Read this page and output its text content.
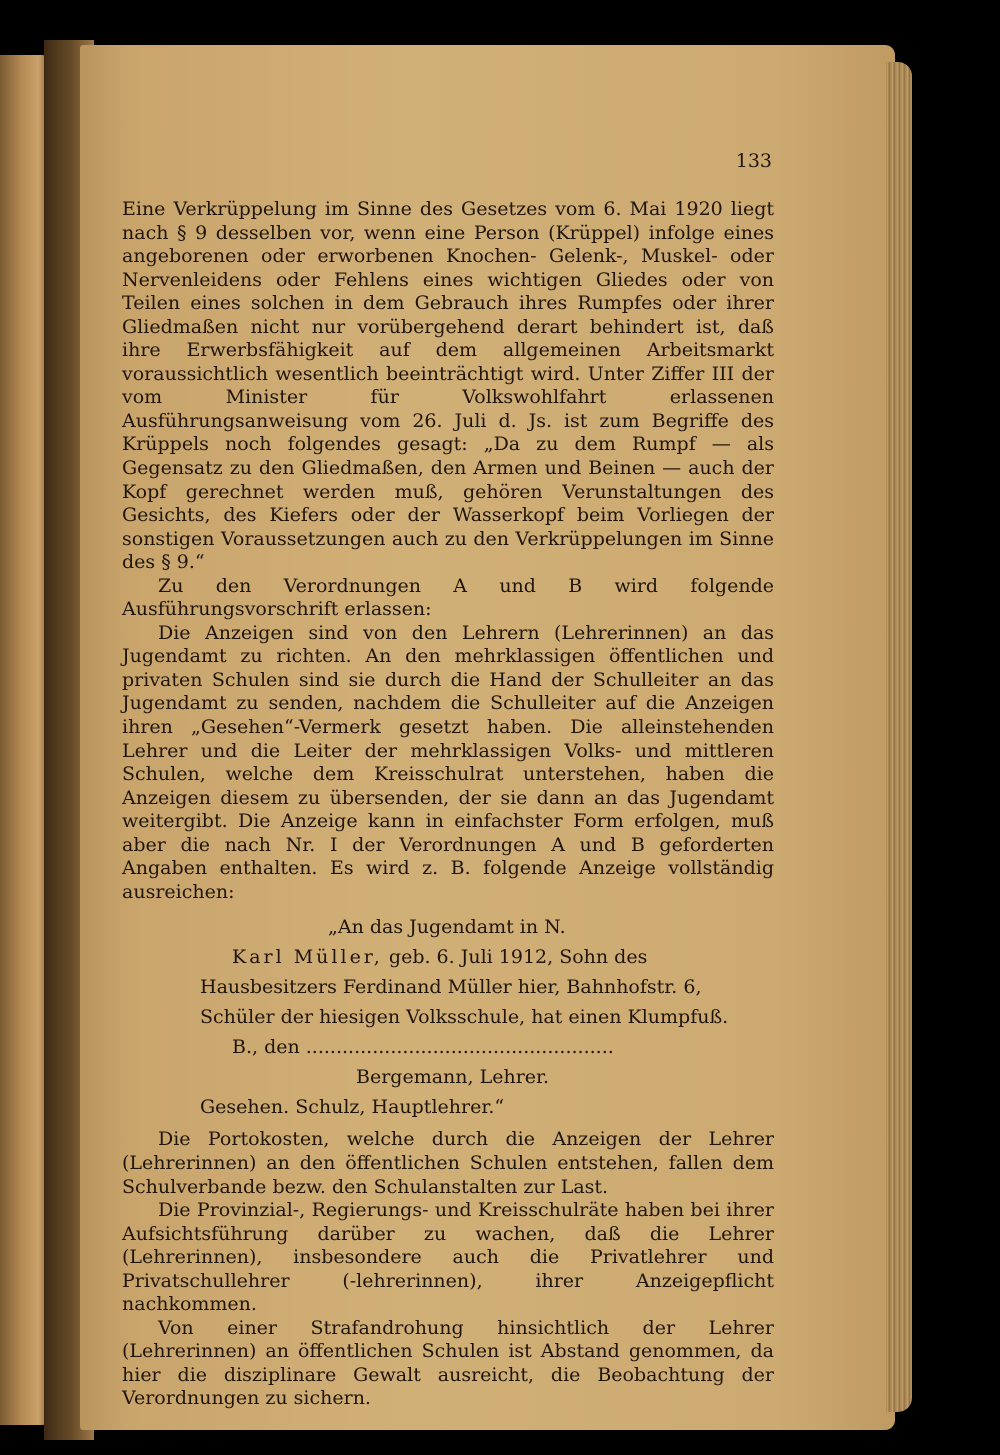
133

Eine Verkrüppelung im Sinne des Gesetzes vom 6. Mai 1920 liegt nach § 9 desselben vor, wenn eine Person (Krüppel) infolge eines angeborenen oder erworbenen Knochen- Gelenk-, Muskel- oder Nervenleidens oder Fehlens eines wichtigen Gliedes oder von Teilen eines solchen in dem Gebrauch ihres Rumpfes oder ihrer Gliedmaßen nicht nur vorübergehend derart behindert ist, daß ihre Erwerbsfähigkeit auf dem allgemeinen Arbeitsmarkt voraussichtlich wesentlich beeinträchtigt wird. Unter Ziffer III der vom Minister für Volkswohlfahrt erlassenen Ausführungsanweisung vom 26. Juli d. Js. ist zum Begriffe des Krüppels noch folgendes gesagt: „Da zu dem Rumpf — als Gegensatz zu den Gliedmaßen, den Armen und Beinen — auch der Kopf gerechnet werden muß, gehören Verunstaltungen des Gesichts, des Kiefers oder der Wasserkopf beim Vorliegen der sonstigen Voraussetzungen auch zu den Verkrüppelungen im Sinne des § 9.“

Zu den Verordnungen A und B wird folgende Ausführungsvorschrift erlassen:

Die Anzeigen sind von den Lehrern (Lehrerinnen) an das Jugendamt zu richten. An den mehrklassigen öffentlichen und privaten Schulen sind sie durch die Hand der Schulleiter an das Jugendamt zu senden, nachdem die Schulleiter auf die Anzeigen ihren „Gesehen“-Vermerk gesetzt haben. Die alleinstehenden Lehrer und die Leiter der mehrklassigen Volks- und mittleren Schulen, welche dem Kreisschulrat unterstehen, haben die Anzeigen diesem zu übersenden, der sie dann an das Jugendamt weitergibt. Die Anzeige kann in einfachster Form erfolgen, muß aber die nach Nr. I der Verordnungen A und B geforderten Angaben enthalten. Es wird z. B. folgende Anzeige vollständig ausreichen:

„An das Jugendamt in N.
Karl Müller, geb. 6. Juli 1912, Sohn des
Hausbesitzers Ferdinand Müller hier, Bahnhofstr. 6,
Schüler der hiesigen Volksschule, hat einen Klumpfuß.
B., den ...................................................
Bergemann, Lehrer.
Gesehen. Schulz, Hauptlehrer.“

Die Portokosten, welche durch die Anzeigen der Lehrer (Lehrerinnen) an den öffentlichen Schulen entstehen, fallen dem Schulverbande bezw. den Schulanstalten zur Last.

Die Provinzial-, Regierungs- und Kreisschulräte haben bei ihrer Aufsichtsführung darüber zu wachen, daß die Lehrer (Lehrerinnen), insbesondere auch die Privatlehrer und Privatschullehrer (-lehrerinnen), ihrer Anzeigepflicht nachkommen.

Von einer Strafandrohung hinsichtlich der Lehrer (Lehrerinnen) an öffentlichen Schulen ist Abstand genommen, da hier die disziplinare Gewalt ausreicht, die Beobachtung der Verordnungen zu sichern.
